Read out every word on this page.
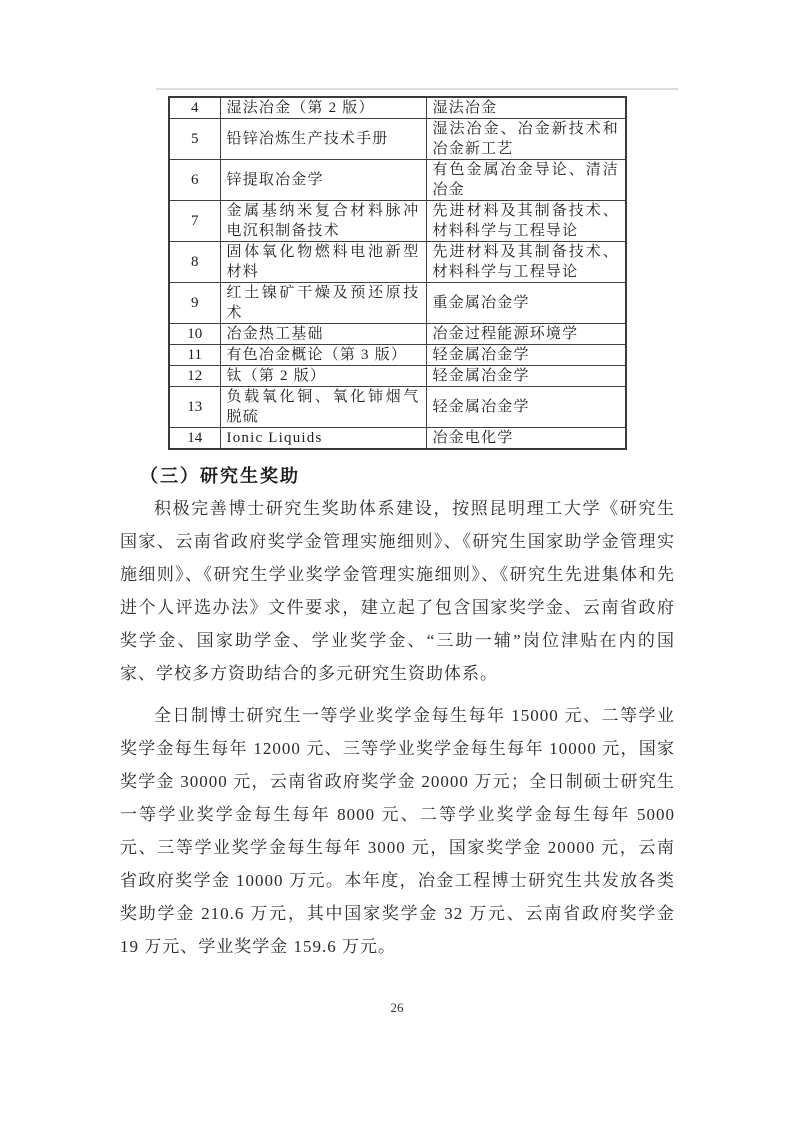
4	湿法冶金（第 2 版）	湿法冶金
5	铅锌冶炼生产技术手册	湿法冶金、冶金新技术和冶金新工艺
6	锌提取冶金学	有色金属冶金导论、清洁冶金
7	金属基纳米复合材料脉冲电沉积制备技术	先进材料及其制备技术、材料科学与工程导论
8	固体氧化物燃料电池新型材料	先进材料及其制备技术、材料科学与工程导论
9	红土镍矿干燥及预还原技术	重金属冶金学
10	冶金热工基础	冶金过程能源环境学
11	有色冶金概论（第 3 版）	轻金属冶金学
12	钛（第 2 版）	轻金属冶金学
13	负载氧化铜、氧化铈烟气脱硫	轻金属冶金学
14	Ionic Liquids	冶金电化学
（三）研究生奖助

积极完善博士研究生奖助体系建设，按照昆明理工大学《研究生国家、云南省政府奖学金管理实施细则》、《研究生国家助学金管理实施细则》、《研究生学业奖学金管理实施细则》、《研究生先进集体和先进个人评选办法》文件要求，建立起了包含国家奖学金、云南省政府奖学金、国家助学金、学业奖学金、“三助一辅”岗位津贴在内的国家、学校多方资助结合的多元研究生资助体系。

全日制博士研究生一等学业奖学金每生每年 15000 元、二等学业奖学金每生每年 12000 元、三等学业奖学金每生每年 10000 元，国家奖学金 30000 元，云南省政府奖学金 20000 万元；全日制硕士研究生一等学业奖学金每生每年 8000 元、二等学业奖学金每生每年 5000 元、三等学业奖学金每生每年 3000 元，国家奖学金 20000 元，云南省政府奖学金 10000 万元。本年度，冶金工程博士研究生共发放各类奖助学金 210.6 万元，其中国家奖学金 32 万元、云南省政府奖学金 19 万元、学业奖学金 159.6 万元。

26
